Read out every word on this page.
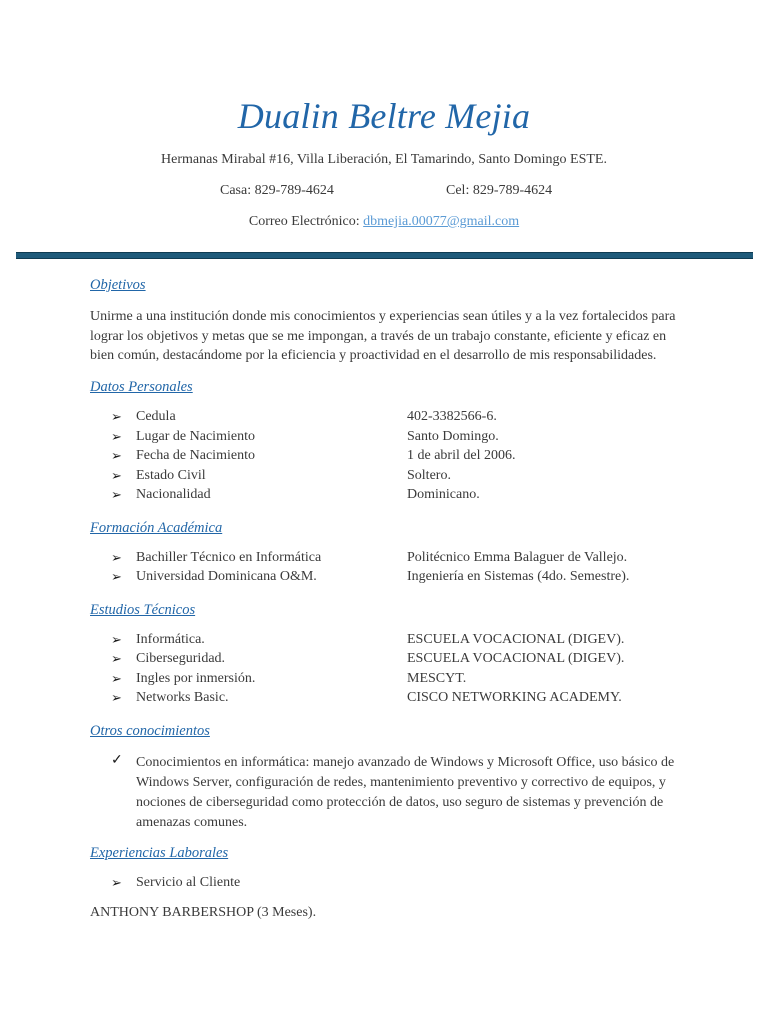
Dualin Beltre Mejia
Hermanas Mirabal #16, Villa Liberación, El Tamarindo, Santo Domingo ESTE.
Casa: 829-789-4624	Cel: 829-789-4624
Correo Electrónico: dbmejia.00077@gmail.com
Objetivos
Unirme a una institución donde mis conocimientos y experiencias sean útiles y a la vez fortalecidos para lograr los objetivos y metas que se me impongan, a través de un trabajo constante, eficiente y eficaz en bien común, destacándome por la eficiencia y proactividad en el desarrollo de mis responsabilidades.
Datos Personales
➢ Cedula	402-3382566-6.
➢ Lugar de Nacimiento	Santo Domingo.
➢ Fecha de Nacimiento	1 de abril del 2006.
➢ Estado Civil	Soltero.
➢ Nacionalidad	Dominicano.
Formación Académica
➢ Bachiller Técnico en Informática	Politécnico Emma Balaguer de Vallejo.
➢ Universidad Dominicana O&M.	Ingeniería en Sistemas (4do. Semestre).
Estudios Técnicos
➢ Informática.	ESCUELA VOCACIONAL (DIGEV).
➢ Ciberseguridad.	ESCUELA VOCACIONAL (DIGEV).
➢ Ingles por inmersión.	MESCYT.
➢ Networks Basic.	CISCO NETWORKING ACADEMY.
Otros conocimientos
✓ Conocimientos en informática: manejo avanzado de Windows y Microsoft Office, uso básico de Windows Server, configuración de redes, mantenimiento preventivo y correctivo de equipos, y nociones de ciberseguridad como protección de datos, uso seguro de sistemas y prevención de amenazas comunes.
Experiencias Laborales
➢ Servicio al Cliente
ANTHONY BARBERSHOP (3 Meses).
